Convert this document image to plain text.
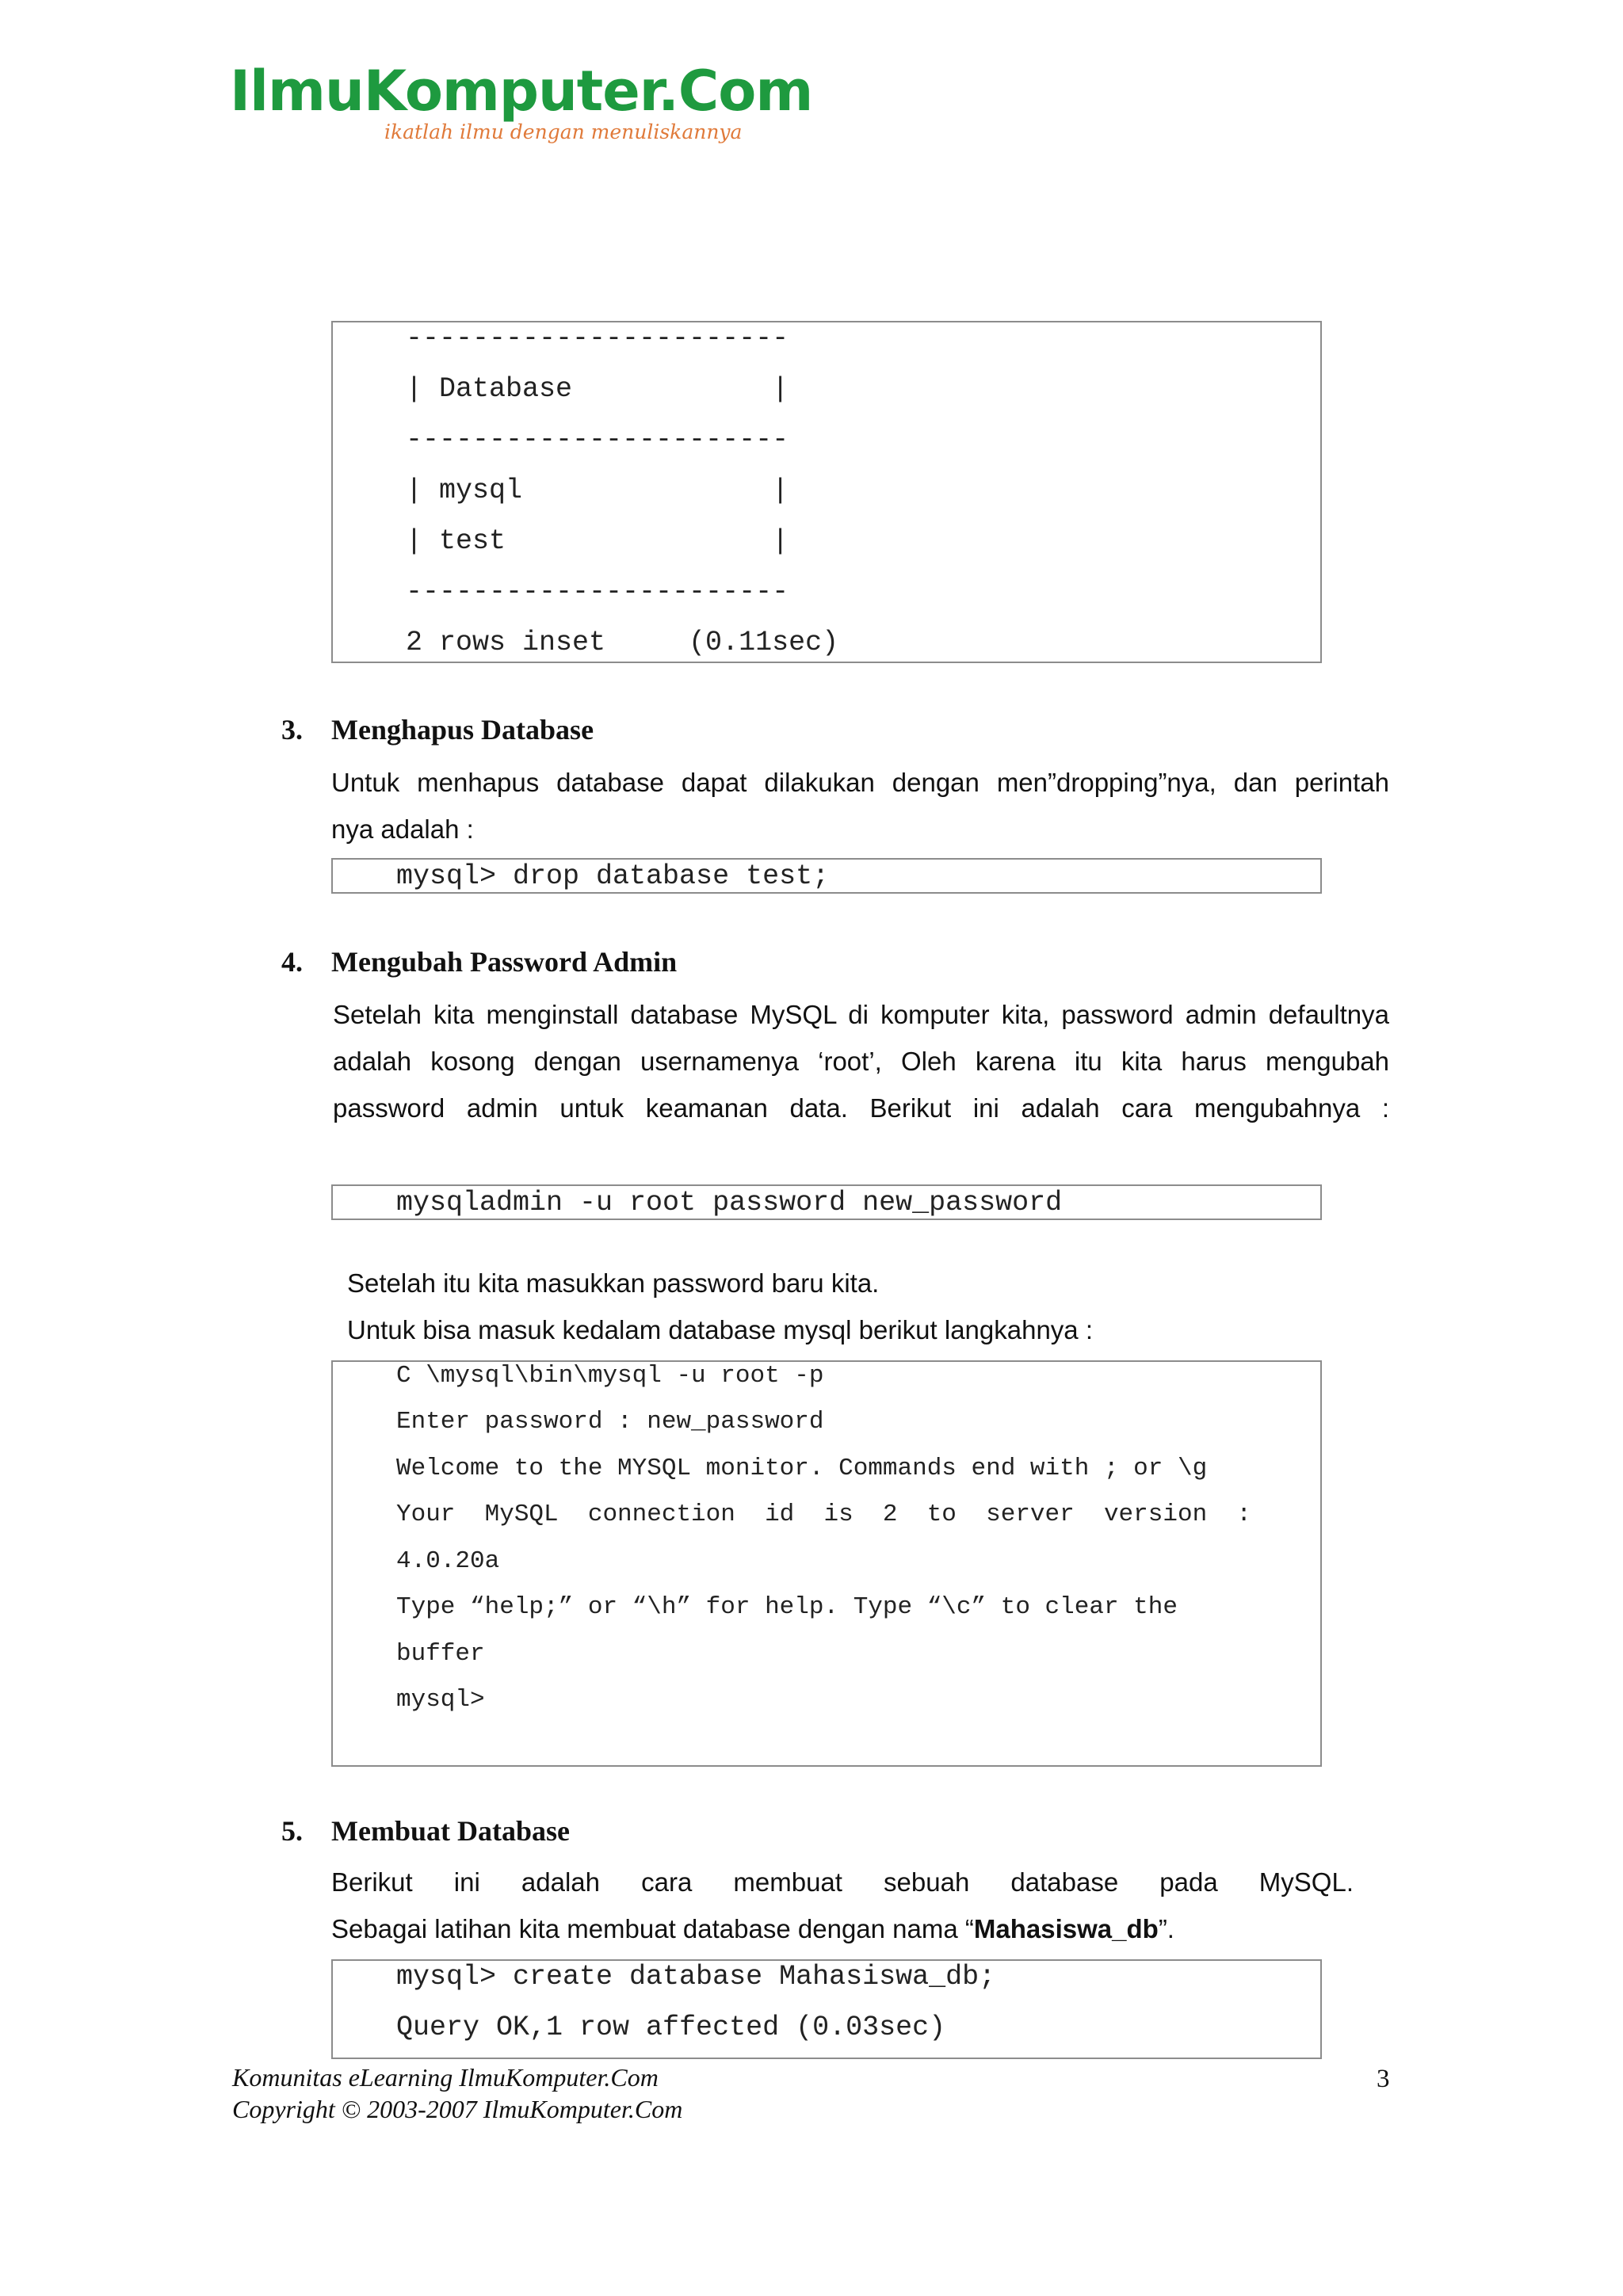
IlmuKomputer.Com
ikatlah ilmu dengan menuliskannya
-----------------------
| Database            |
-----------------------
| mysql               |
| test                |
-----------------------
2 rows inset     (0.11sec)
3. Menghapus Database
Untuk menhapus database dapat dilakukan dengan men”dropping”nya, dan perintah
nya adalah :
mysql> drop database test;
4. Mengubah Password Admin
Setelah kita menginstall database MySQL di komputer kita, password admin defaultnya
adalah kosong dengan usernamenya ‘root’, Oleh karena itu kita harus mengubah
password admin untuk keamanan data. Berikut ini adalah cara mengubahnya :
mysqladmin -u root password new_password
Setelah itu kita masukkan password baru kita.
Untuk bisa masuk kedalam database mysql berikut langkahnya :
C \mysql\bin\mysql -u root -p
Enter password : new_password
Welcome to the MYSQL monitor. Commands end with ; or \g
Your  MySQL  connection  id  is  2  to  server  version  :
4.0.20a
Type “help;” or “\h” for help. Type “\c” to clear the
buffer
mysql>
5. Membuat Database
Berikut ini adalah cara membuat sebuah database pada MySQL.
Sebagai latihan kita membuat database dengan nama “Mahasiswa_db”.
mysql> create database Mahasiswa_db;
Query OK,1 row affected (0.03sec)
Komunitas eLearning IlmuKomputer.Com
Copyright © 2003-2007 IlmuKomputer.Com
3
